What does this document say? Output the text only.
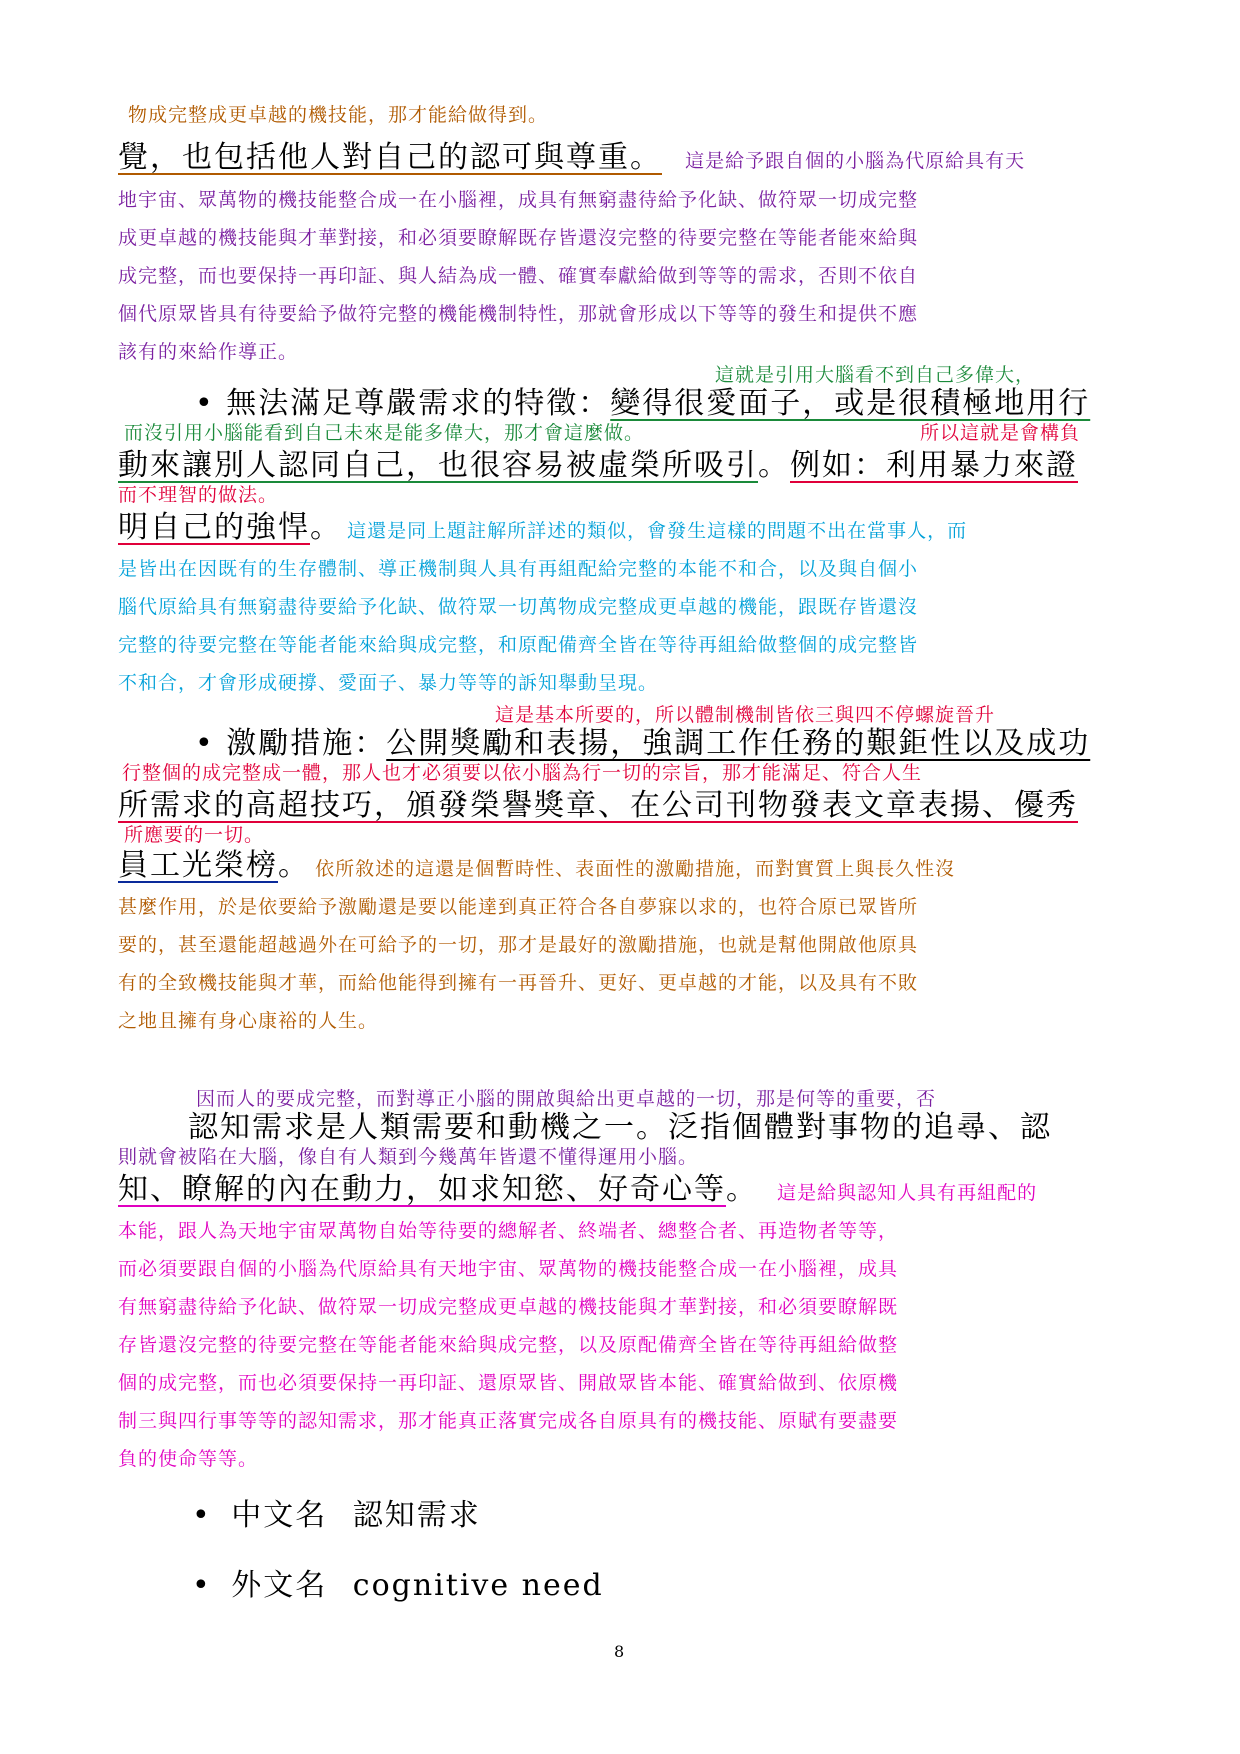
物成完整成更卓越的機技能，那才能給做得到。
覺，也包括他人對自己的認可與尊重。 這是給予跟自個的小腦為代原給具有天
地宇宙、眾萬物的機技能整合成一在小腦裡，成具有無窮盡待給予化缺、做符眾一切成完整
成更卓越的機技能與才華對接，和必須要瞭解既存皆還沒完整的待要完整在等能者能來給與
成完整，而也要保持一再印証、與人結為成一體、確實奉獻給做到等等的需求，否則不依自
個代原眾皆具有待要給予做符完整的機能機制特性，那就會形成以下等等的發生和提供不應
該有的來給作導正。
這就是引用大腦看不到自己多偉大，
• 無法滿足尊嚴需求的特徵：變得很愛面子，或是很積極地用行
而沒引用小腦能看到自己未來是能多偉大，那才會這麼做。	所以這就是會構負
動來讓別人認同自己，也很容易被虛榮所吸引。例如：利用暴力來證
而不理智的做法。
明自己的強悍。 這還是同上題註解所詳述的類似，會發生這樣的問題不出在當事人，而
是皆出在因既有的生存體制、導正機制與人具有再組配給完整的本能不和合，以及與自個小
腦代原給具有無窮盡待要給予化缺、做符眾一切萬物成完整成更卓越的機能，跟既存皆還沒
完整的待要完整在等能者能來給與成完整，和原配備齊全皆在等待再組給做整個的成完整皆
不和合，才會形成硬撐、愛面子、暴力等等的訴知舉動呈現。
這是基本所要的，所以體制機制皆依三與四不停螺旋晉升
• 激勵措施：公開獎勵和表揚，強調工作任務的艱鉅性以及成功
行整個的成完整成一體，那人也才必須要以依小腦為行一切的宗旨，那才能滿足、符合人生
所需求的高超技巧，頒發榮譽獎章、在公司刊物發表文章表揚、優秀
所應要的一切。
員工光榮榜。 依所敘述的這還是個暫時性、表面性的激勵措施，而對實質上與長久性沒
甚麼作用，於是依要給予激勵還是要以能達到真正符合各自夢寐以求的，也符合原已眾皆所
要的，甚至還能超越過外在可給予的一切，那才是最好的激勵措施，也就是幫他開啟他原具
有的全致機技能與才華，而給他能得到擁有一再晉升、更好、更卓越的才能，以及具有不敗
之地且擁有身心康裕的人生。
因而人的要成完整，而對導正小腦的開啟與給出更卓越的一切，那是何等的重要，否
認知需求是人類需要和動機之一。泛指個體對事物的追尋、認
則就會被陷在大腦，像自有人類到今幾萬年皆還不懂得運用小腦。
知、瞭解的內在動力，如求知慾、好奇心等。 這是給與認知人具有再組配的
本能，跟人為天地宇宙眾萬物自始等待要的總解者、終端者、總整合者、再造物者等等，
而必須要跟自個的小腦為代原給具有天地宇宙、眾萬物的機技能整合成一在小腦裡，成具
有無窮盡待給予化缺、做符眾一切成完整成更卓越的機技能與才華對接，和必須要瞭解既
存皆還沒完整的待要完整在等能者能來給與成完整，以及原配備齊全皆在等待再組給做整
個的成完整，而也必須要保持一再印証、還原眾皆、開啟眾皆本能、確實給做到、依原機
制三與四行事等等的認知需求，那才能真正落實完成各自原具有的機技能、原賦有要盡要
負的使命等等。
• 中文名 認知需求
• 外文名 cognitive need
8
